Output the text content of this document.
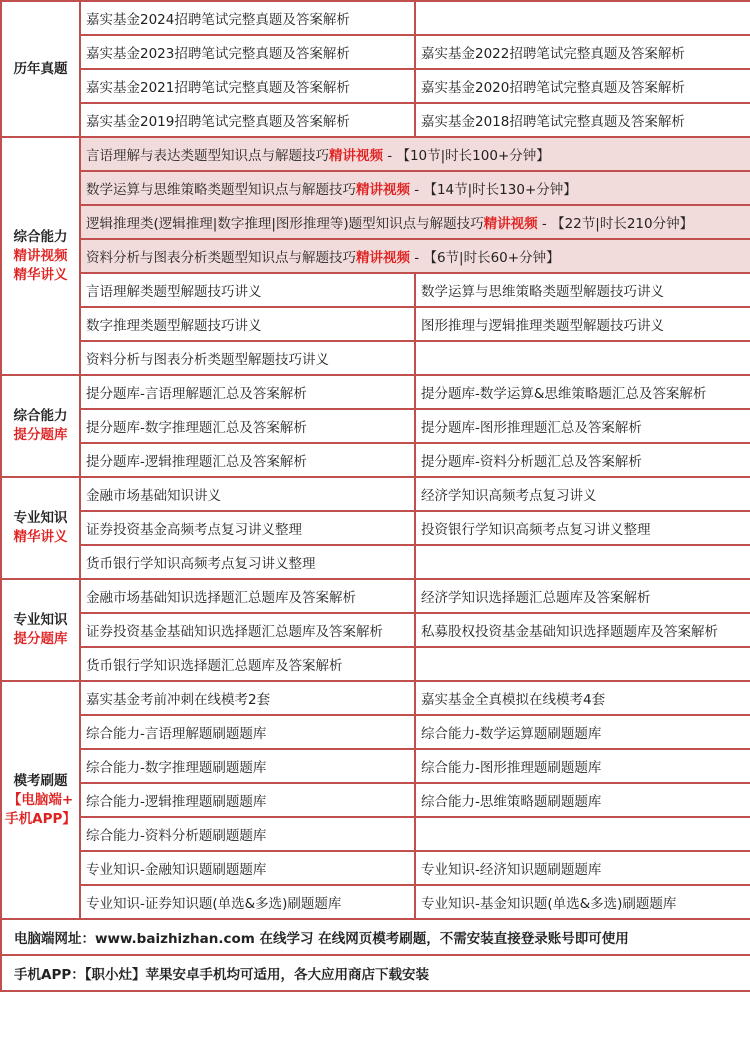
历年真题	嘉实基金2024招聘笔试完整真题及答案解析	
	嘉实基金2023招聘笔试完整真题及答案解析	嘉实基金2022招聘笔试完整真题及答案解析
	嘉实基金2021招聘笔试完整真题及答案解析	嘉实基金2020招聘笔试完整真题及答案解析
	嘉实基金2019招聘笔试完整真题及答案解析	嘉实基金2018招聘笔试完整真题及答案解析
综合能力
精讲视频
精华讲义	言语理解与表达类题型知识点与解题技巧精讲视频 - 【10节|时长100+分钟】	
	数学运算与思维策略类题型知识点与解题技巧精讲视频 - 【14节|时长130+分钟】	
	逻辑推理类(逻辑推理|数字推理|图形推理等)题型知识点与解题技巧精讲视频 - 【22节|时长210分钟】	
	资料分析与图表分析类题型知识点与解题技巧精讲视频 - 【6节|时长60+分钟】	
	言语理解类题型解题技巧讲义	数学运算与思维策略类题型解题技巧讲义
	数字推理类题型解题技巧讲义	图形推理与逻辑推理类题型解题技巧讲义
	资料分析与图表分析类题型解题技巧讲义	
综合能力
提分题库	提分题库-言语理解题汇总及答案解析	提分题库-数学运算&思维策略题汇总及答案解析
	提分题库-数字推理题汇总及答案解析	提分题库-图形推理题汇总及答案解析
	提分题库-逻辑推理题汇总及答案解析	提分题库-资料分析题汇总及答案解析
专业知识
精华讲义	金融市场基础知识讲义	经济学知识高频考点复习讲义
	证券投资基金高频考点复习讲义整理	投资银行学知识高频考点复习讲义整理
	货币银行学知识高频考点复习讲义整理	
专业知识
提分题库	金融市场基础知识选择题汇总题库及答案解析	经济学知识选择题汇总题库及答案解析
	证券投资基金基础知识选择题汇总题库及答案解析	私募股权投资基金基础知识选择题题库及答案解析
	货币银行学知识选择题汇总题库及答案解析	
模考刷题
【电脑端+
手机APP】	嘉实基金考前冲刺在线模考2套	嘉实基金全真模拟在线模考4套
	综合能力-言语理解题刷题题库	综合能力-数学运算题刷题题库
	综合能力-数字推理题刷题题库	综合能力-图形推理题刷题题库
	综合能力-逻辑推理题刷题题库	综合能力-思维策略题刷题题库
	综合能力-资料分析题刷题题库	
	专业知识-金融知识题刷题题库	专业知识-经济知识题刷题题库
	专业知识-证券知识题(单选&多选)刷题题库	专业知识-基金知识题(单选&多选)刷题题库
电脑端网址：www.baizhizhan.com 在线学习 在线网页模考刷题，不需安装直接登录账号即可使用		
手机APP：【职小灶】苹果安卓手机均可适用，各大应用商店下载安装		
